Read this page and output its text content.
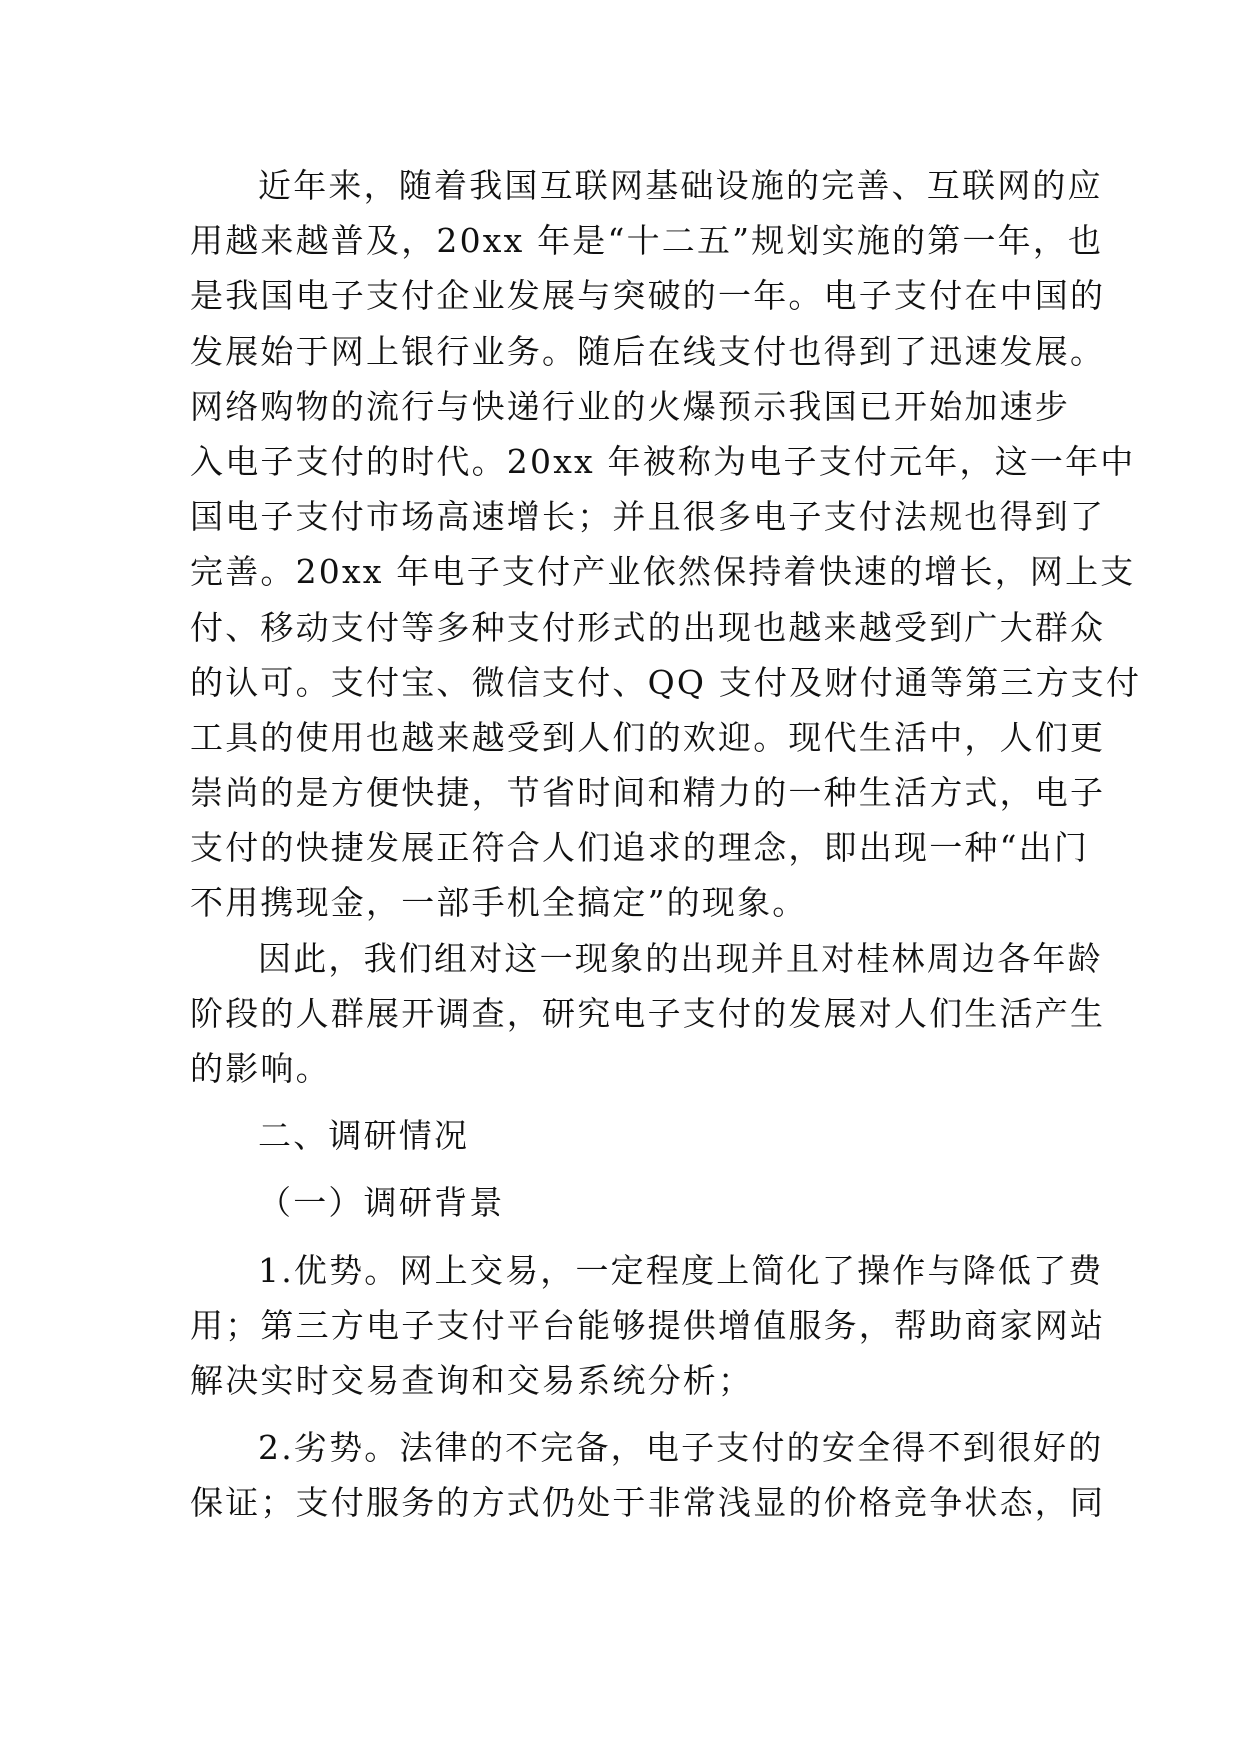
近年来，随着我国互联网基础设施的完善、互联网的应
用越来越普及，20xx 年是“十二五”规划实施的第一年，也
是我国电子支付企业发展与突破的一年。电子支付在中国的
发展始于网上银行业务。随后在线支付也得到了迅速发展。
网络购物的流行与快递行业的火爆预示我国已开始加速步
入电子支付的时代。20xx 年被称为电子支付元年，这一年中
国电子支付市场高速增长；并且很多电子支付法规也得到了
完善。20xx 年电子支付产业依然保持着快速的增长，网上支
付、移动支付等多种支付形式的出现也越来越受到广大群众
的认可。支付宝、微信支付、QQ 支付及财付通等第三方支付
工具的使用也越来越受到人们的欢迎。现代生活中，人们更
崇尚的是方便快捷，节省时间和精力的一种生活方式，电子
支付的快捷发展正符合人们追求的理念，即出现一种“出门
不用携现金，一部手机全搞定”的现象。
因此，我们组对这一现象的出现并且对桂林周边各年龄
阶段的人群展开调查，研究电子支付的发展对人们生活产生
的影响。
二、调研情况
（一）调研背景
1.优势。网上交易，一定程度上简化了操作与降低了费
用；第三方电子支付平台能够提供增值服务，帮助商家网站
解决实时交易查询和交易系统分析；
2.劣势。法律的不完备，电子支付的安全得不到很好的
保证；支付服务的方式仍处于非常浅显的价格竞争状态，同
